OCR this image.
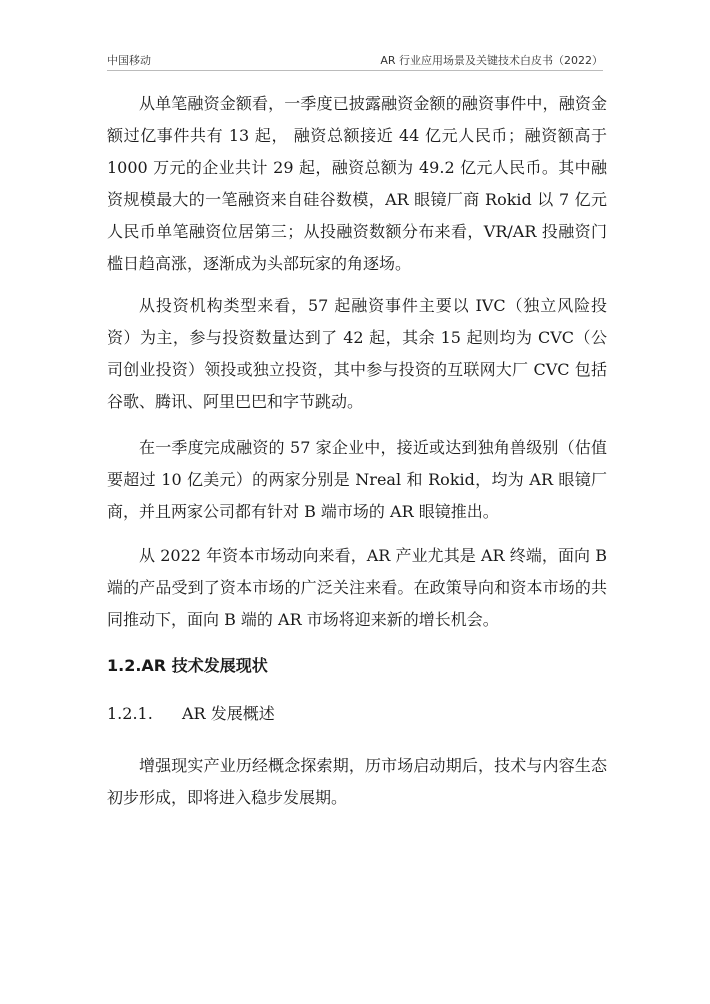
中国移动	AR 行业应用场景及关键技术白皮书（2022）

从单笔融资金额看，一季度已披露融资金额的融资事件中，融资金额过亿事件共有 13 起， 融资总额接近 44 亿元人民币；融资额高于 1000 万元的企业共计 29 起，融资总额为 49.2 亿元人民币。其中融资规模最大的一笔融资来自硅谷数模，AR 眼镜厂商 Rokid 以 7 亿元人民币单笔融资位居第三；从投融资数额分布来看，VR/AR 投融资门槛日趋高涨，逐渐成为头部玩家的角逐场。

从投资机构类型来看，57 起融资事件主要以 IVC（独立风险投资）为主，参与投资数量达到了 42 起，其余 15 起则均为 CVC（公司创业投资）领投或独立投资，其中参与投资的互联网大厂 CVC 包括谷歌、腾讯、阿里巴巴和字节跳动。

在一季度完成融资的 57 家企业中，接近或达到独角兽级别（估值要超过 10 亿美元）的两家分别是 Nreal 和 Rokid，均为 AR 眼镜厂商，并且两家公司都有针对 B 端市场的 AR 眼镜推出。

从 2022 年资本市场动向来看，AR 产业尤其是 AR 终端，面向 B 端的产品受到了资本市场的广泛关注来看。在政策导向和资本市场的共同推动下，面向 B 端的 AR 市场将迎来新的增长机会。

1.2.AR 技术发展现状
1.2.1. AR 发展概述

增强现实产业历经概念探索期，历市场启动期后，技术与内容生态初步形成，即将进入稳步发展期。
